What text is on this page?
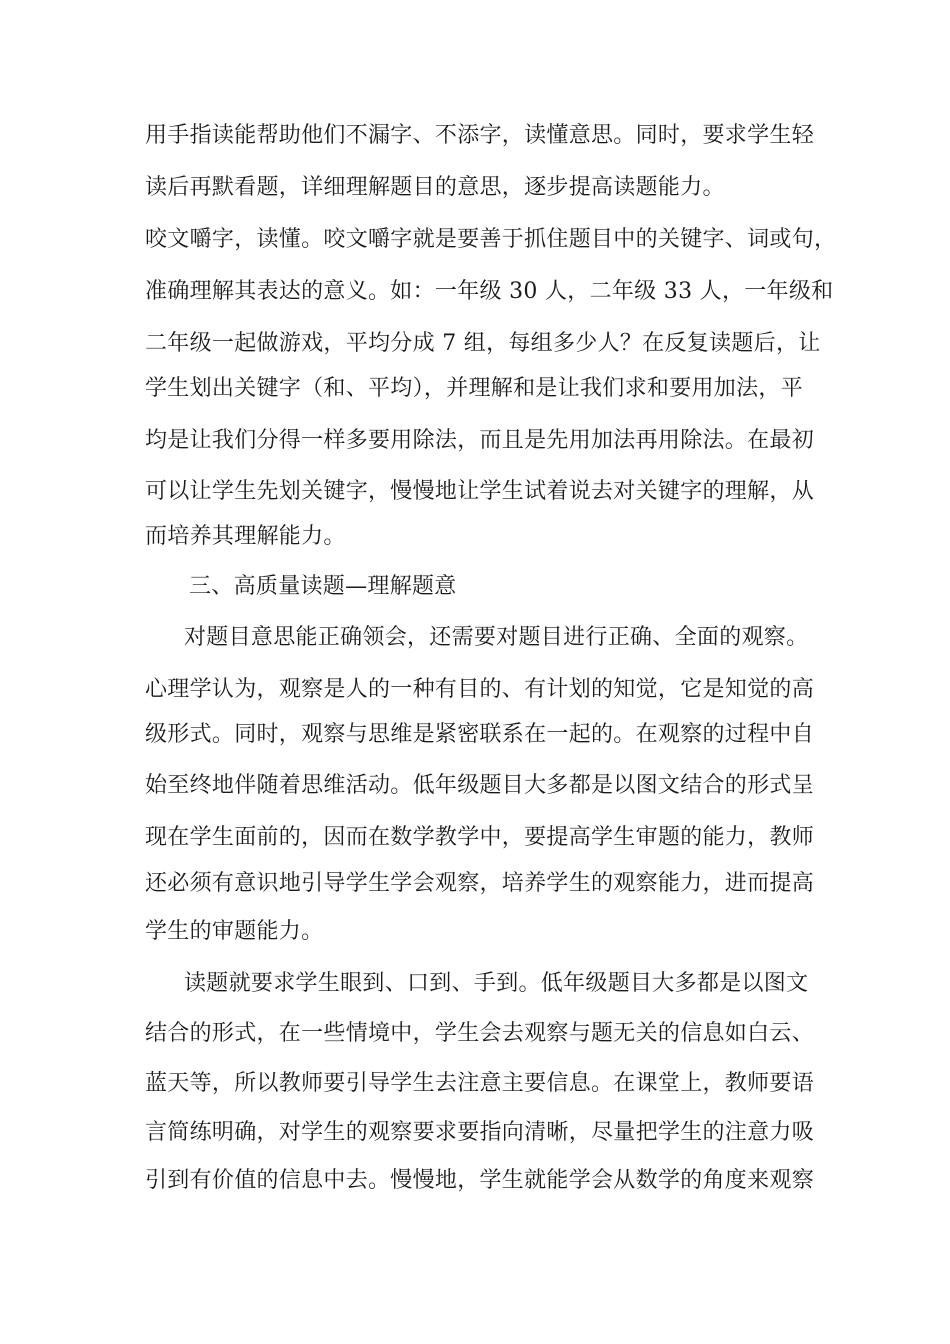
用手指读能帮助他们不漏字、不添字，读懂意思。同时，要求学生轻
读后再默看题，详细理解题目的意思，逐步提高读题能力。
咬文嚼字，读懂。咬文嚼字就是要善于抓住题目中的关键字、词或句，
准确理解其表达的意义。如：一年级 30 人，二年级 33 人，一年级和
二年级一起做游戏，平均分成 7 组，每组多少人？在反复读题后，让
学生划出关键字（和、平均），并理解和是让我们求和要用加法，平
均是让我们分得一样多要用除法，而且是先用加法再用除法。在最初
可以让学生先划关键字，慢慢地让学生试着说去对关键字的理解，从
而培养其理解能力。
三、高质量读题—理解题意
对题目意思能正确领会，还需要对题目进行正确、全面的观察。
心理学认为，观察是人的一种有目的、有计划的知觉，它是知觉的高
级形式。同时，观察与思维是紧密联系在一起的。在观察的过程中自
始至终地伴随着思维活动。低年级题目大多都是以图文结合的形式呈
现在学生面前的，因而在数学教学中，要提高学生审题的能力，教师
还必须有意识地引导学生学会观察，培养学生的观察能力，进而提高
学生的审题能力。
读题就要求学生眼到、口到、手到。低年级题目大多都是以图文
结合的形式，在一些情境中，学生会去观察与题无关的信息如白云、
蓝天等，所以教师要引导学生去注意主要信息。在课堂上，教师要语
言简练明确，对学生的观察要求要指向清晰，尽量把学生的注意力吸
引到有价值的信息中去。慢慢地，学生就能学会从数学的角度来观察
